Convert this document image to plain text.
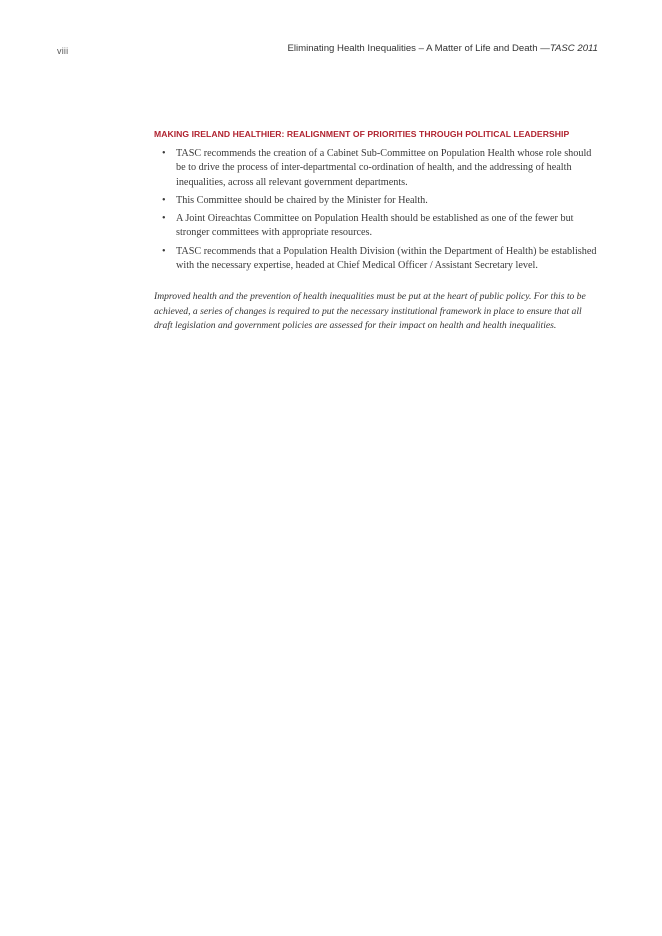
viii	Eliminating Health Inequalities – A Matter of Life and Death —TASC 2011
MAKING IRELAND HEALTHIER: REALIGNMENT OF PRIORITIES THROUGH POLITICAL LEADERSHIP
• TASC recommends the creation of a Cabinet Sub-Committee on Population Health whose role should be to drive the process of inter-departmental co-ordination of health, and the addressing of health inequalities, across all relevant government departments.
• This Committee should be chaired by the Minister for Health.
• A Joint Oireachtas Committee on Population Health should be established as one of the fewer but stronger committees with appropriate resources.
• TASC recommends that a Population Health Division (within the Department of Health) be established with the necessary expertise, headed at Chief Medical Officer / Assistant Secretary level.

Improved health and the prevention of health inequalities must be put at the heart of public policy. For this to be achieved, a series of changes is required to put the necessary institutional framework in place to ensure that all draft legislation and government policies are assessed for their impact on health and health inequalities.
